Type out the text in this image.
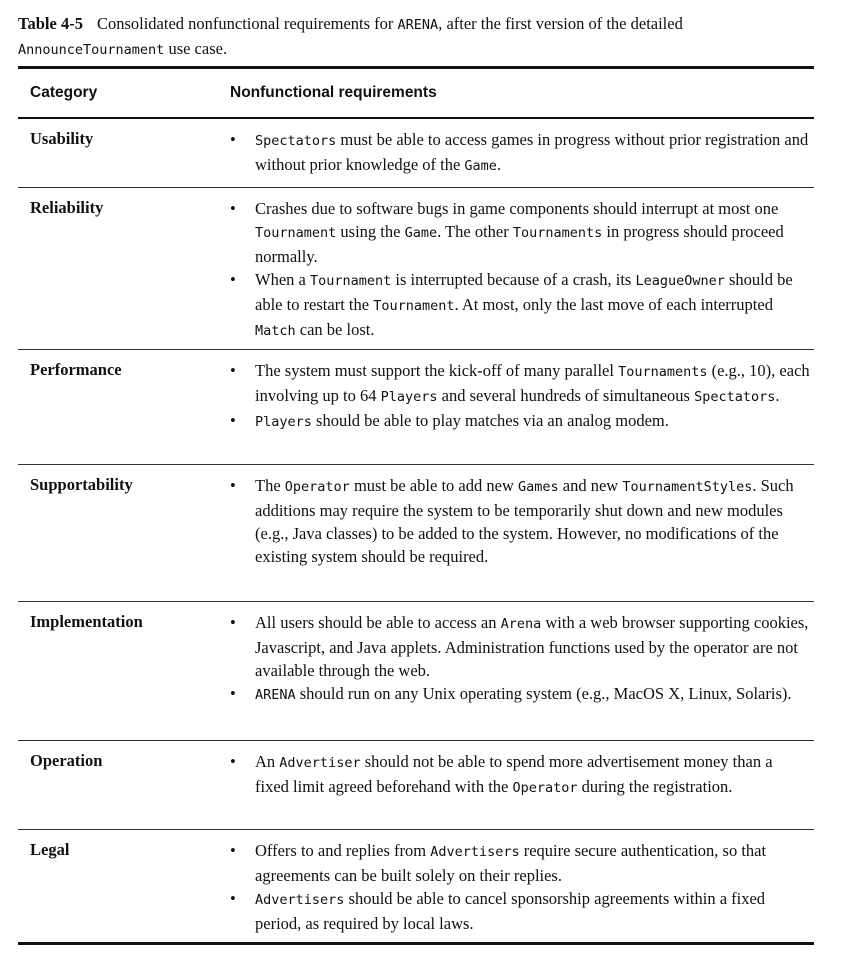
Table 4-5 Consolidated nonfunctional requirements for ARENA, after the first version of the detailed AnnounceTournament use case.
Category	Nonfunctional requirements
Usability	• Spectators must be able to access games in progress without prior registration and without prior knowledge of the Game.
Reliability	• Crashes due to software bugs in game components should interrupt at most one Tournament using the Game. The other Tournaments in progress should proceed normally.
• When a Tournament is interrupted because of a crash, its LeagueOwner should be able to restart the Tournament. At most, only the last move of each interrupted Match can be lost.
Performance	• The system must support the kick-off of many parallel Tournaments (e.g., 10), each involving up to 64 Players and several hundreds of simultaneous Spectators.
• Players should be able to play matches via an analog modem.
Supportability	• The Operator must be able to add new Games and new TournamentStyles. Such additions may require the system to be temporarily shut down and new modules (e.g., Java classes) to be added to the system. However, no modifications of the existing system should be required.
Implementation	• All users should be able to access an Arena with a web browser supporting cookies, Javascript, and Java applets. Administration functions used by the operator are not available through the web.
• ARENA should run on any Unix operating system (e.g., MacOS X, Linux, Solaris).
Operation	• An Advertiser should not be able to spend more advertisement money than a fixed limit agreed beforehand with the Operator during the registration.
Legal	• Offers to and replies from Advertisers require secure authentication, so that agreements can be built solely on their replies.
• Advertisers should be able to cancel sponsorship agreements within a fixed period, as required by local laws.
